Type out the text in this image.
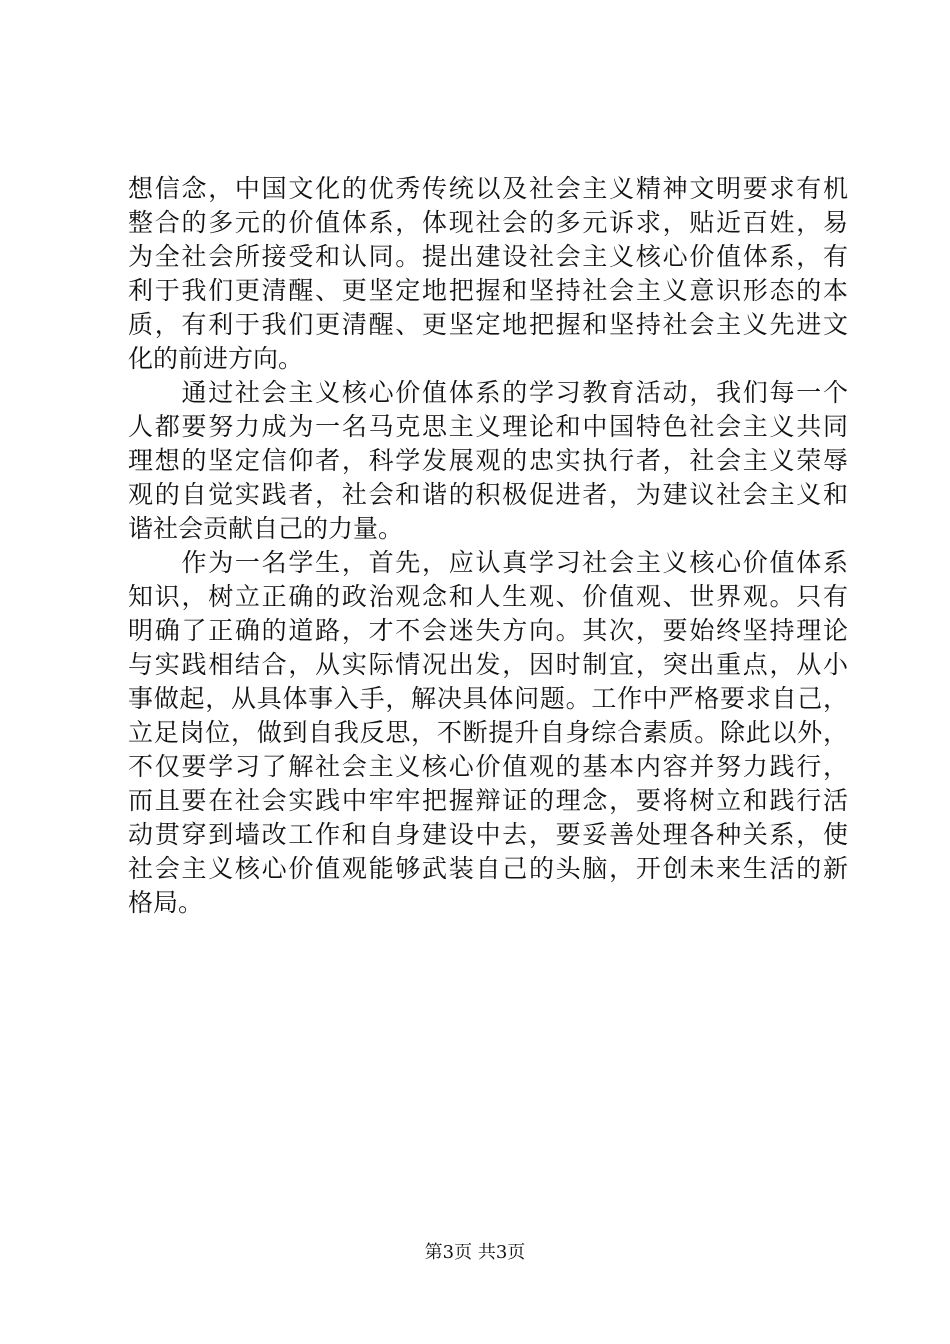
想信念，中国文化的优秀传统以及社会主义精神文明要求有机
整合的多元的价值体系，体现社会的多元诉求，贴近百姓，易
为全社会所接受和认同。提出建设社会主义核心价值体系，有
利于我们更清醒、更坚定地把握和坚持社会主义意识形态的本
质，有利于我们更清醒、更坚定地把握和坚持社会主义先进文
化的前进方向。
　　通过社会主义核心价值体系的学习教育活动，我们每一个
人都要努力成为一名马克思主义理论和中国特色社会主义共同
理想的坚定信仰者，科学发展观的忠实执行者，社会主义荣辱
观的自觉实践者，社会和谐的积极促进者，为建议社会主义和
谐社会贡献自己的力量。
　　作为一名学生，首先，应认真学习社会主义核心价值体系
知识，树立正确的政治观念和人生观、价值观、世界观。只有
明确了正确的道路，才不会迷失方向。其次，要始终坚持理论
与实践相结合，从实际情况出发，因时制宜，突出重点，从小
事做起，从具体事入手，解决具体问题。工作中严格要求自己，
立足岗位，做到自我反思，不断提升自身综合素质。除此以外，
不仅要学习了解社会主义核心价值观的基本内容并努力践行，
而且要在社会实践中牢牢把握辩证的理念，要将树立和践行活
动贯穿到墙改工作和自身建设中去，要妥善处理各种关系，使
社会主义核心价值观能够武装自己的头脑，开创未来生活的新
格局。
第3页 共3页
